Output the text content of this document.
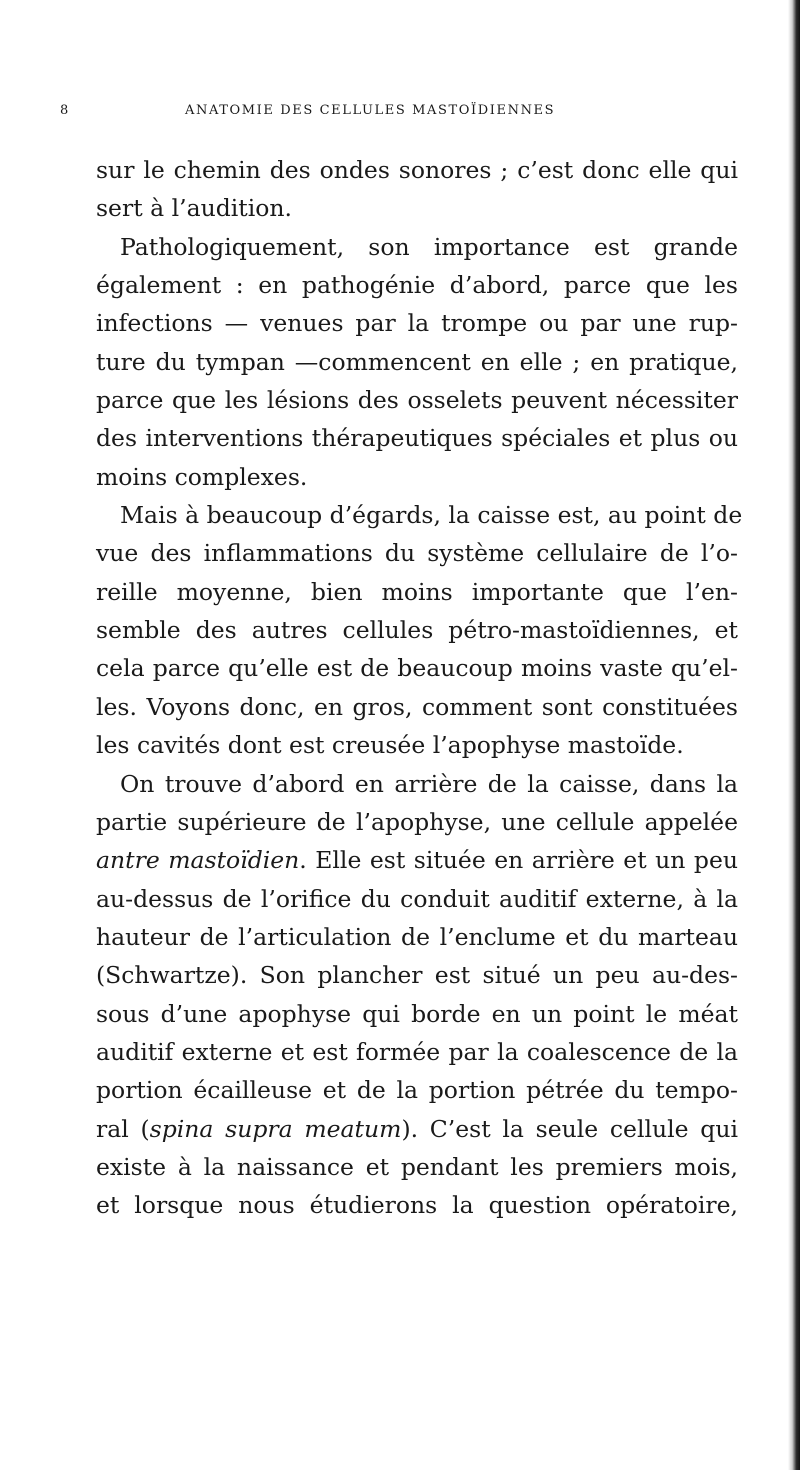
8	ANATOMIE DES CELLULES MASTOÏDIENNES
sur le chemin des ondes sonores ; c’est donc elle qui
sert à l’audition.
Pathologiquement, son importance est grande
également : en pathogénie d’abord, parce que les
infections — venues par la trompe ou par une rup-
ture du tympan —commencent en elle ; en pratique,
parce que les lésions des osselets peuvent nécessiter
des interventions thérapeutiques spéciales et plus ou
moins complexes.
Mais à beaucoup d’égards, la caisse est, au point de
vue des inflammations du système cellulaire de l’o-
reille moyenne, bien moins importante que l’en-
semble des autres cellules pétro-mastoïdiennes, et
cela parce qu’elle est de beaucoup moins vaste qu’el-
les. Voyons donc, en gros, comment sont constituées
les cavités dont est creusée l’apophyse mastoïde.
On trouve d’abord en arrière de la caisse, dans la
partie supérieure de l’apophyse, une cellule appelée
antre mastoïdien. Elle est située en arrière et un peu
au-dessus de l’orifice du conduit auditif externe, à la
hauteur de l’articulation de l’enclume et du marteau
(Schwartze). Son plancher est situé un peu au-des-
sous d’une apophyse qui borde en un point le méat
auditif externe et est formée par la coalescence de la
portion écailleuse et de la portion pétrée du tempo-
ral (spina supra meatum). C’est la seule cellule qui
existe à la naissance et pendant les premiers mois,
et lorsque nous étudierons la question opératoire,
